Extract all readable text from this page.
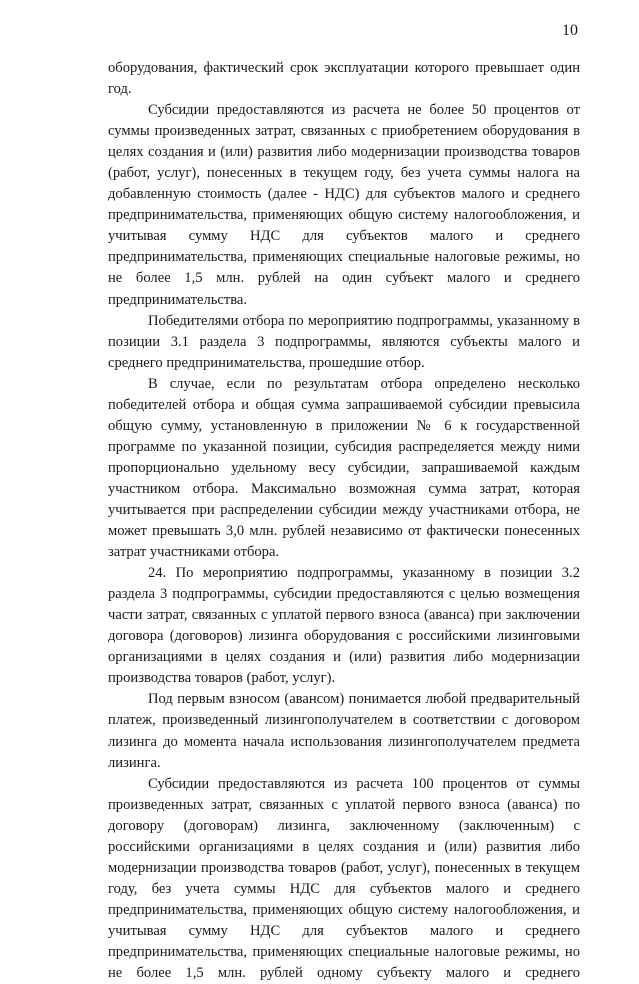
10

оборудования, фактический срок эксплуатации которого превышает один год.

Субсидии предоставляются из расчета не более 50 процентов от суммы произведенных затрат, связанных с приобретением оборудования в целях создания и (или) развития либо модернизации производства товаров (работ, услуг), понесенных в текущем году, без учета суммы налога на добавленную стоимость (далее - НДС) для субъектов малого и среднего предпринимательства, применяющих общую систему налогообложения, и учитывая сумму НДС для субъектов малого и среднего предпринимательства, применяющих специальные налоговые режимы, но не более 1,5 млн. рублей на один субъект малого и среднего предпринимательства.

Победителями отбора по мероприятию подпрограммы, указанному в позиции 3.1 раздела 3 подпрограммы, являются субъекты малого и среднего предпринимательства, прошедшие отбор.

В случае, если по результатам отбора определено несколько победителей отбора и общая сумма запрашиваемой субсидии превысила общую сумму, установленную в приложении № 6 к государственной программе по указанной позиции, субсидия распределяется между ними пропорционально удельному весу субсидии, запрашиваемой каждым участником отбора. Максимально возможная сумма затрат, которая учитывается при распределении субсидии между участниками отбора, не может превышать 3,0 млн. рублей независимо от фактически понесенных затрат участниками отбора.

24. По мероприятию подпрограммы, указанному в позиции 3.2 раздела 3 подпрограммы, субсидии предоставляются с целью возмещения части затрат, связанных с уплатой первого взноса (аванса) при заключении договора (договоров) лизинга оборудования с российскими лизинговыми организациями в целях создания и (или) развития либо модернизации производства товаров (работ, услуг).

Под первым взносом (авансом) понимается любой предварительный платеж, произведенный лизингополучателем в соответствии с договором лизинга до момента начала использования лизингополучателем предмета лизинга.

Субсидии предоставляются из расчета 100 процентов от суммы произведенных затрат, связанных с уплатой первого взноса (аванса) по договору (договорам) лизинга, заключенному (заключенным) с российскими организациями в целях создания и (или) развития либо модернизации производства товаров (работ, услуг), понесенных в текущем году, без учета суммы НДС для субъектов малого и среднего предпринимательства, применяющих общую систему налогообложения, и учитывая сумму НДС для субъектов малого и среднего предпринимательства, применяющих специальные налоговые режимы, но не более 1,5 млн. рублей одному субъекту малого и среднего
